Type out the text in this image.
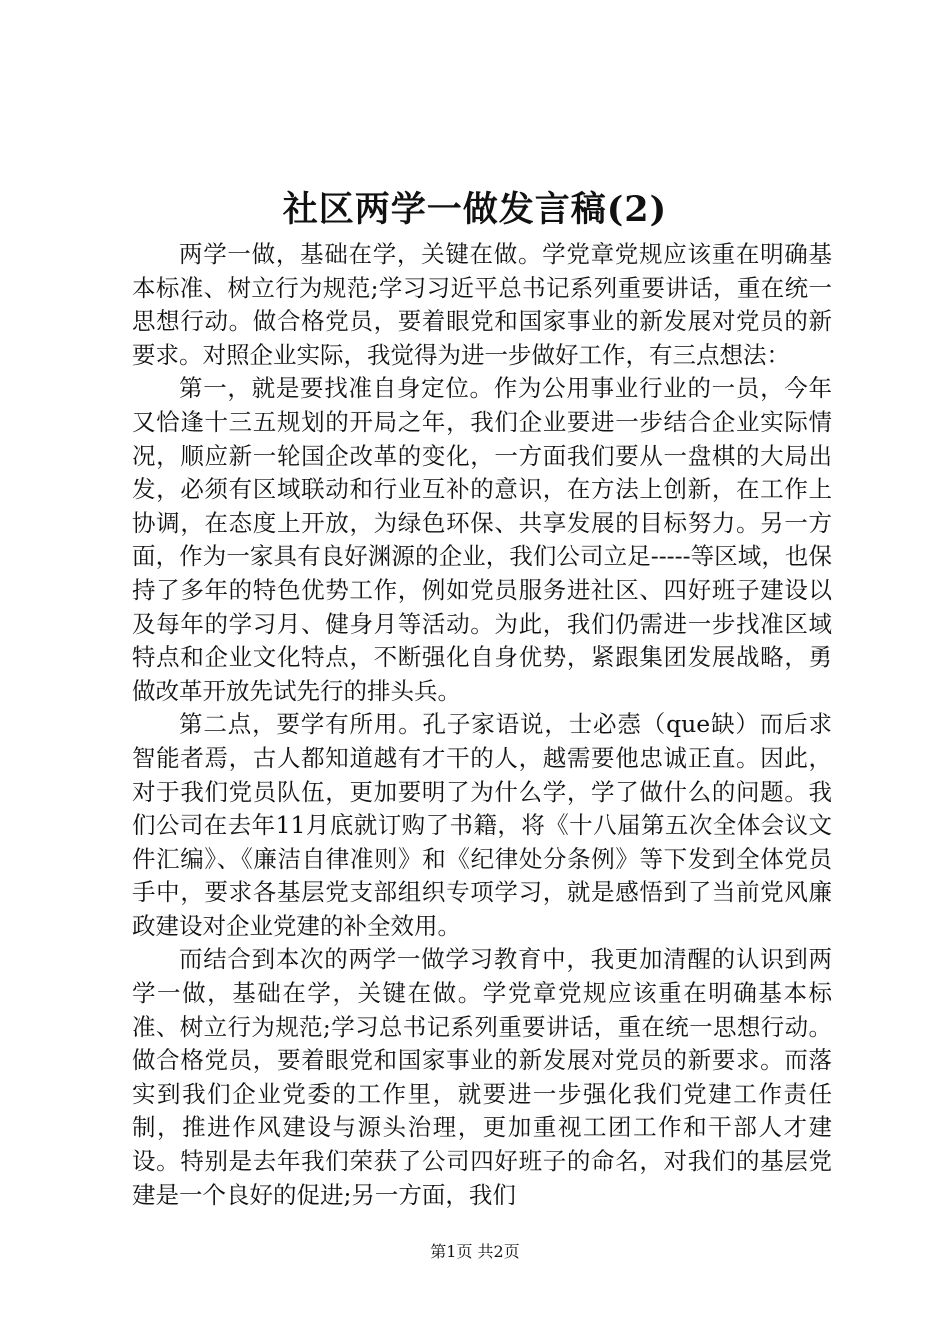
社区两学一做发言稿(2)

两学一做，基础在学，关键在做。学党章党规应该重在明确基本标准、树立行为规范;学习习近平总书记系列重要讲话，重在统一思想行动。做合格党员，要着眼党和国家事业的新发展对党员的新要求。对照企业实际，我觉得为进一步做好工作，有三点想法：

第一，就是要找准自身定位。作为公用事业行业的一员，今年又恰逢十三五规划的开局之年，我们企业要进一步结合企业实际情况，顺应新一轮国企改革的变化，一方面我们要从一盘棋的大局出发，必须有区域联动和行业互补的意识，在方法上创新，在工作上协调，在态度上开放，为绿色环保、共享发展的目标努力。另一方面，作为一家具有良好渊源的企业，我们公司立足-----等区域，也保持了多年的特色优势工作，例如党员服务进社区、四好班子建设以及每年的学习月、健身月等活动。为此，我们仍需进一步找准区域特点和企业文化特点，不断强化自身优势，紧跟集团发展战略，勇做改革开放先试先行的排头兵。

第二点，要学有所用。孔子家语说，士必悫（que缺）而后求智能者焉，古人都知道越有才干的人，越需要他忠诚正直。因此，对于我们党员队伍，更加要明了为什么学，学了做什么的问题。我们公司在去年11月底就订购了书籍，将《十八届第五次全体会议文件汇编》、《廉洁自律准则》和《纪律处分条例》等下发到全体党员手中，要求各基层党支部组织专项学习，就是感悟到了当前党风廉政建设对企业党建的补全效用。

而结合到本次的两学一做学习教育中，我更加清醒的认识到两学一做，基础在学，关键在做。学党章党规应该重在明确基本标准、树立行为规范;学习总书记系列重要讲话，重在统一思想行动。做合格党员，要着眼党和国家事业的新发展对党员的新要求。而落实到我们企业党委的工作里，就要进一步强化我们党建工作责任制，推进作风建设与源头治理，更加重视工团工作和干部人才建设。特别是去年我们荣获了公司四好班子的命名，对我们的基层党建是一个良好的促进;另一方面，我们

第1页 共2页
